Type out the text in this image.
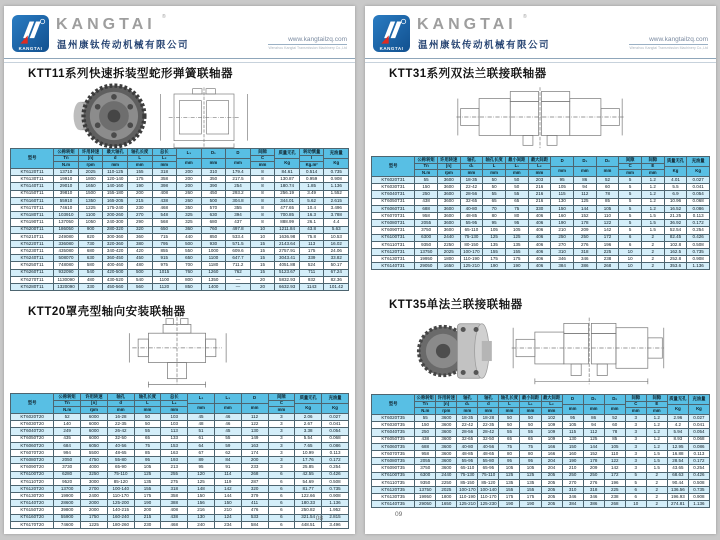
KANGTAI
KANGTAI ®
温州康钛传动机械有限公司
www.kangtailzq.com
Wenzhou Kangtai Transmission Machinery Co.,Ltd
KTT11系列快速拆装型蛇形弹簧联轴器
型号

公称转矩
Tn
N.m

许用转速
[n]
rpm

最大轴孔
d
mm

轴孔长度
L
mm

总长
L₂
mm

L₁
mm

D₁
mm

D
mm

间隙
C
mm

质量无孔
Kg

转动惯量
I
Kg.m²

充油量
Kg

KT6120T11	13710	2025	110-125	155	318	200	310	179.4	8	84.61	0.514	0.735
KT6130T11	19910	1800	120-140	175	358	200	350	217.5	8	130.87	0.959	0.908
KT6140T11	29010	1650	140-160	190	398	200	390	254	8	180.74	1.85	1.136
KT6150T11	39810	1500	155-180	200	408	260	450	293.2	8	256.19	3.49	1.552
KT6160T11	55910	1350	165-205	215	438	260	500	304.8	8	344.01	5.62	2.615
KT6170T11	74610	1225	175-240	230	468	350	570	355	8	477.65	10.4	3.496
KT6180T11	103910	1100	200-260	270	548	325	630	394	8	700.85	16.3	3.788
KT6190T11	137050	1050	240-300	290	568	325	680	437	8	888.99	26.1	4.4
KT6200T11	186050	900	280-320	320	650	360	760	497.8	10	1211.84	43.8	5.63
KT6210T11	249080	820	300-360	360	715	440	850	533.4	10	1636.98	75.8	10.53
KT6220T11	336080	730	320-360	380	795	500	930	571.5	15	2143.64	113	16.02
KT6230T11	435080	680	340-420	420	855	550	1000	609.6	15	2757.91	175	24.06
KT6240T11	508070	630	360-450	450	915	650	1100	647.7	15	3043.41	339	33.82
KT6250T11	748080	580	400-460	480	975	700	1180	711.2	15	4051.88	524	50.17
KT6260T11	932090	540	420-500	500	1015	760	1260	762	15	5123.67	711	67.24
KT6270T11	1130090	480	430-520	540	1100	800	1350	—	20	5832.93	932	82.36
KT6280T11	1320090	330	450-560	560	1120	850	1400	—	20	6632.93	1143	101.42
KTT20罩壳型轴向安装联轴器
型号

公称转矩
Tn
N.m

许用转速
[n]
rpm

轴孔
d
mm

轴孔长度
L
mm

总长
L₄
mm

L₂
mm

L₃
mm

D
mm

间隙
C
mm

质量无孔
Kg

充油量
Kg

KT6020T20	52	6000	16-28	50	103	45	46	112	3	2.06	0.027
KT6030T20	140	6000	22-35	50	103	48	46	122	3	2.67	0.041
KT6040T20	249	6000	26-42	55	113	51	45	130	3	3.38	0.054
KT6050T20	435	6000	32-50	65	133	61	55	149	3	5.54	0.068
KT6060T20	684	6050	40-56	75	153	64	59	163	3	7.65	0.086
KT6070T20	994	5500	48-65	85	163	67	62	174	3	10.99	0.113
KT6080T20	2050	4750	55-80	95	193	89	84	200	3	17.76	0.172
KT6090T20	3730	4000	65-90	105	213	95	91	233	3	25.85	0.254
KT6100T20	6280	3250	75-110	125	255	120	114	268	6	42.55	0.426
KT6110T20	9520	3000	85-120	135	275	125	119	287	6	54.69	0.508
KT6120T20	13700	2700	100-140	155	318	148	142	320	6	81.77	0.735
KT6130T20	19900	2400	110-170	175	358	150	144	379	6	122.66	0.908
KT6140T20	28600	2000	125-200	190	388	156	150	411	6	180.33	1.136
KT6150T20	39800	2000	140-215	200	408	216	210	476	6	250.82	1.952
KT6160T20	55900	1750	160-240	215	438	130	124	533	6	321.54	2.815
KT6170T20	74600	1225	180-260	230	468	240	234	584	6	448.51	3.496
08
KANGTAI
KANGTAI ®
温州康钛传动机械有限公司
www.kangtailzq.com
Wenzhou Kangtai Transmission Machinery Co.,Ltd
KTT31系列双法兰联接联轴器
型号

公称转矩
Tn
N.m

许用转速
[n]
rpm

轴孔
d₁
mm

轴孔长度
L
mm

最小间距
L₁
mm

最大间距
L₂
mm

D
mm

D₁
mm

D₂
mm

间隙
C
mm

间隙
E
mm

质量无孔
Kg

充油量
Kg

KT6020T31	55	3600	18-35	50	50	203	95	86	52	5	1.2	4.01	0.027
KT6030T31	150	3600	22-42	50	50	216	105	94	60	5	1.2	5.5	0.041
KT6040T31	250	3600	28-56	55	55	216	115	112	78	5	1.2	6.9	0.054
KT6050T31	438	3600	32-65	65	65	216	130	125	85	5	1.2	10.96	0.068
KT6060T31	688	3600	40-80	70	75	330	150	144	105	5	1.2	16.52	0.086
KT6070T31	958	3600	48-85	80	80	406	160	152	110	5	1.5	21.25	0.113
KT6080T31	2055	3600	55-95	95	95	406	190	178	122	5	1.5	36.92	0.172
KT6090T31	3750	3600	65-110	105	105	406	210	209	142	5	1.5	52.54	0.254
KT6100T31	6300	2440	75-130	125	125	406	250	250	172	6	2	82.45	0.426
KT6110T31	9350	2250	80-150	135	135	406	270	276	196	6	2	102.8	0.508
KT6120T31	13750	2025	100-170	155	155	406	310	318	225	10	2	162.5	0.735
KT6130T31	19950	1800	110-190	175	175	406	346	346	238	10	2	252.8	0.908
KT6140T31	29050	1650	125-210	190	190	406	384	386	268	10	2	353.6	1.136
KTT35单法兰联接联轴器
型号

公称转矩
Tn
N.m

许用转速
[n]
rpm

轴孔
d₁
mm

轴孔
d
mm

轴孔长度
L
mm

最小间距
L₁
mm

最大间距
L₂
mm

D
mm

D₁
mm

D₂
mm

间隙
C
mm

间隙
E
mm

质量无孔
Kg

充油量
Kg

KT6020T35	55	3600	18-35	18-28	50	50	102	95	86	52	3	1.2	2.96	0.027
KT6030T35	150	3600	22-42	22-35	50	50	109	105	94	60	3	1.2	4.2	0.041
KT6040T35	250	3600	28-56	28-42	55	55	109	115	112	78	3	1.2	5.94	0.054
KT6050T35	438	3600	32-65	32-50	65	65	109	130	125	85	3	1.2	8.93	0.068
KT6060T35	688	3600	40-80	40-56	75	75	166	150	144	105	3	1.2	12.95	0.086
KT6070T35	958	3600	48-85	48-65	80	80	166	160	152	110	3	1.5	16.88	0.113
KT6080T35	2055	3600	55-95	55-80	95	95	204	190	178	122	3	1.5	28.54	0.172
KT6090T35	3750	3600	65-110	65-95	105	105	204	210	209	142	3	1.5	43.65	0.254
KT6100T35	6300	2440	75-130	75-110	125	125	205	250	250	172	5	2	68.63	0.426
KT6110T35	9350	2250	85-150	85-120	135	135	205	270	276	196	5	2	90.44	0.508
KT6120T35	13750	2025	100-170	100-140	155	155	205	310	318	225	6	2	136.56	0.735
KT6130T35	19950	1800	110-190	110-170	175	175	205	346	346	238	6	2	196.93	0.908
KT6140T35	29050	1650	125-210	125-230	190	190	205	384	386	268	10	2	274.81	1.136
09
